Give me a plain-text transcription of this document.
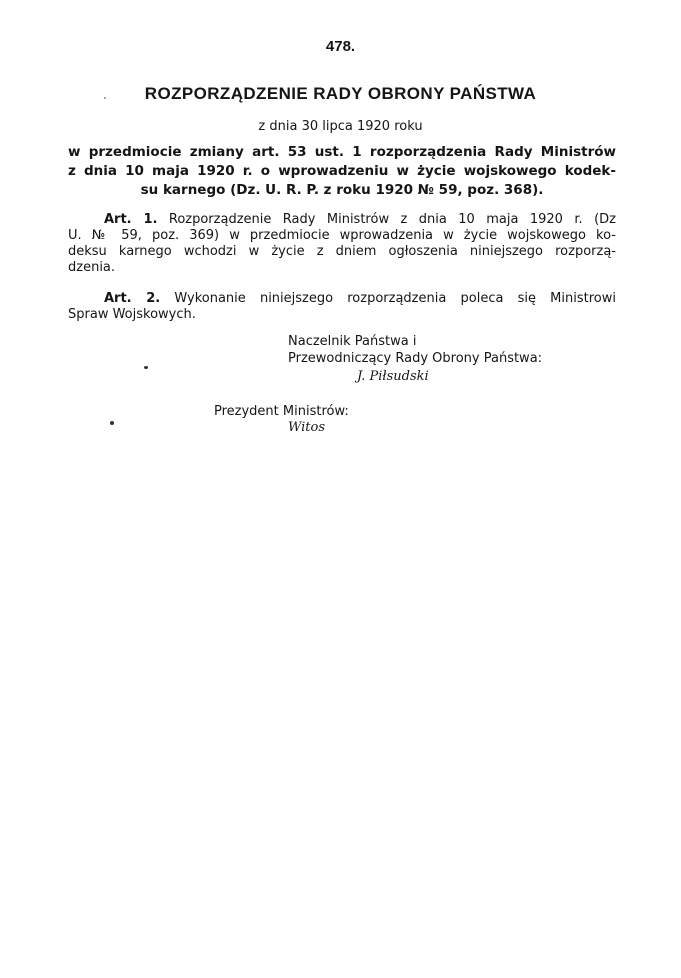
478.
ROZPORZĄDZENIE RADY OBRONY PAŃSTWA
z dnia 30 lipca 1920 roku
w przedmiocie zmiany art. 53 ust. 1 rozporządzenia Rady Ministrów
z dnia 10 maja 1920 r. o wprowadzeniu w życie wojskowego kodek-
su karnego (Dz. U. R. P. z roku 1920 № 59, poz. 368).
Art. 1. Rozporządzenie Rady Ministrów z dnia 10 maja 1920 r. (Dz
U. № 59, poz. 369) w przedmiocie wprowadzenia w życie wojskowego ko-
deksu karnego wchodzi w życie z dniem ogłoszenia niniejszego rozporzą-
dzenia.
Art. 2. Wykonanie niniejszego rozporządzenia poleca się Ministrowi
Spraw Wojskowych.
Naczelnik Państwa i
Przewodniczący Rady Obrony Państwa:
J. Piłsudski
Prezydent Ministrów:
Witos
